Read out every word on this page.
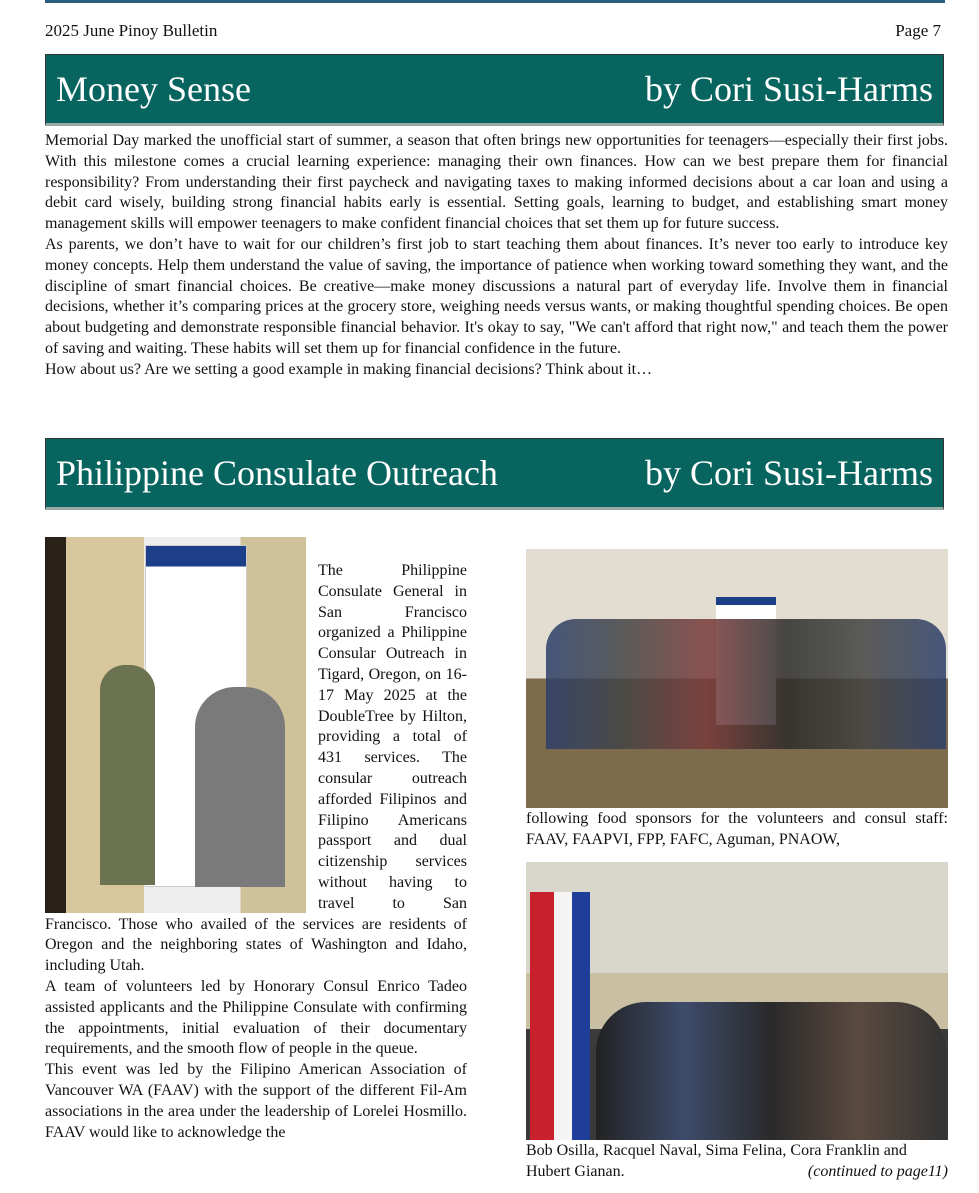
2025 June Pinoy Bulletin	Page 7
Money Sense	by Cori Susi-Harms

Memorial Day marked the unofficial start of summer, a season that often brings new opportunities for teenagers—especially their first jobs. With this milestone comes a crucial learning experience: managing their own finances. How can we best prepare them for financial responsibility? From understanding their first paycheck and navigating taxes to making informed decisions about a car loan and using a debit card wisely, building strong financial habits early is essential. Setting goals, learning to budget, and establishing smart money management skills will empower teenagers to make confident financial choices that set them up for future success.

As parents, we don’t have to wait for our children’s first job to start teaching them about finances. It’s never too early to introduce key money concepts. Help them understand the value of saving, the importance of patience when working toward something they want, and the discipline of smart financial choices. Be creative—make money discussions a natural part of everyday life. Involve them in financial decisions, whether it’s comparing prices at the grocery store, weighing needs versus wants, or making thoughtful spending choices. Be open about budgeting and demonstrate responsible financial behavior. It's okay to say, "We can't afford that right now," and teach them the power of saving and waiting. These habits will set them up for financial confidence in the future.

How about us? Are we setting a good example in making financial decisions? Think about it…

Philippine Consulate Outreach	by Cori Susi-Harms

The Philippine Consulate General in San Francisco organized a Philippine Consular Outreach in Tigard, Oregon, on 16-17 May 2025 at the DoubleTree by Hilton, providing a total of 431 services. The consular outreach afforded Filipinos and Filipino Americans passport and dual citizenship services without having to travel to San Francisco. Those who availed of the services are residents of Oregon and the neighboring states of Washington and Idaho, including Utah.

A team of volunteers led by Honorary Consul Enrico Tadeo assisted applicants and the Philippine Consulate with confirming the appointments, initial evaluation of their documentary requirements, and the smooth flow of people in the queue.

This event was led by the Filipino American Association of Vancouver WA (FAAV) with the support of the different Fil-Am associations in the area under the leadership of Lorelei Hosmillo. FAAV would like to acknowledge the

following food sponsors for the volunteers and consul staff: FAAV, FAAPVI, FPP, FAFC, Aguman, PNAOW,

Bob Osilla, Racquel Naval, Sima Felina, Cora Franklin and
Hubert Gianan.	(continued to page11)
